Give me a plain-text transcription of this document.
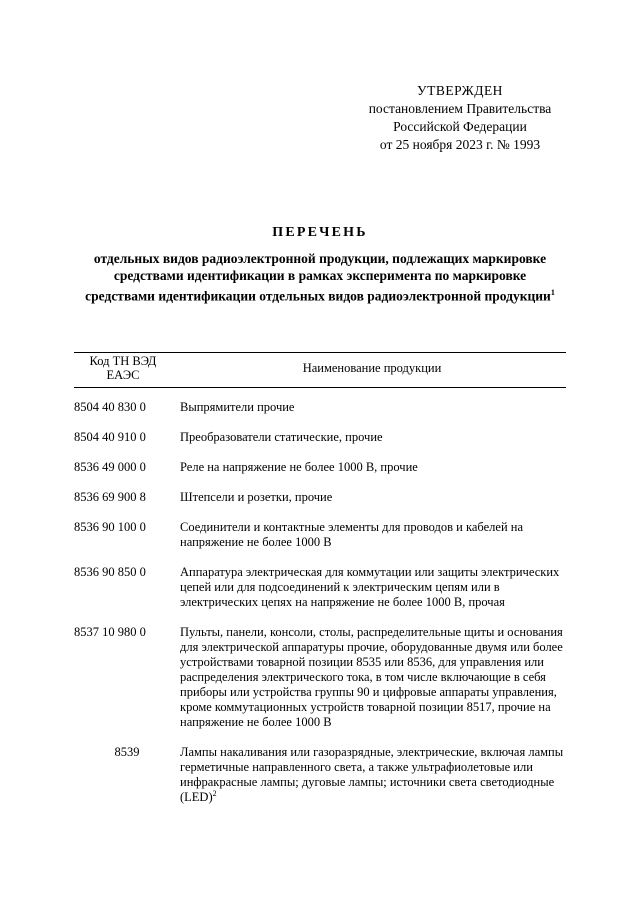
УТВЕРЖДЕН
постановлением Правительства
Российской Федерации
от 25 ноября 2023 г. № 1993
ПЕРЕЧЕНЬ
отдельных видов радиоэлектронной продукции, подлежащих маркировке средствами идентификации в рамках эксперимента по маркировке средствами идентификации отдельных видов радиоэлектронной продукции$^1$
Код ТН ВЭД
ЕАЭС	Наименование продукции
8504 40 830 0	Выпрямители прочие
8504 40 910 0	Преобразователи статические, прочие
8536 49 000 0	Реле на напряжение не более 1000 В, прочие
8536 69 900 8	Штепсели и розетки, прочие
8536 90 100 0	Соединители и контактные элементы для проводов и кабелей на напряжение не более 1000 В
8536 90 850 0	Аппаратура электрическая для коммутации или защиты электрических цепей или для подсоединений к электрическим цепям или в электрических цепях на напряжение не более 1000 В, прочая
8537 10 980 0	Пульты, панели, консоли, столы, распределительные щиты и основания для электрической аппаратуры прочие, оборудованные двумя или более устройствами товарной позиции 8535 или 8536, для управления или распределения электрического тока, в том числе включающие в себя приборы или устройства группы 90 и цифровые аппараты управления, кроме коммутационных устройств товарной позиции 8517, прочие на напряжение не более 1000 В
8539	Лампы накаливания или газоразрядные, электрические, включая лампы герметичные направленного света, а также ультрафиолетовые или инфракрасные лампы; дуговые лампы; источники света светодиодные (LED)$^2$
